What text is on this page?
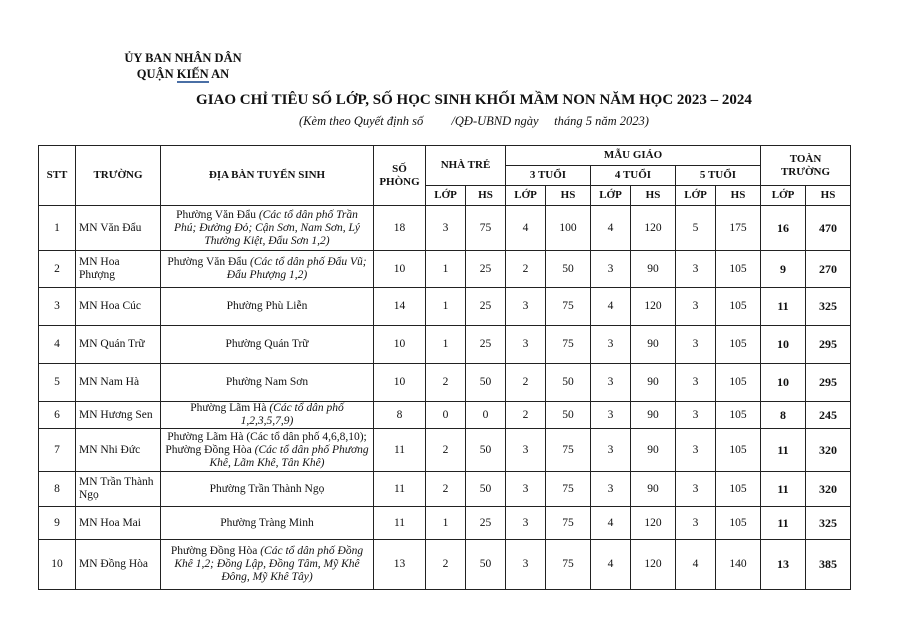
ỦY BAN NHÂN DÂN
QUẬN KIẾN AN
GIAO CHỈ TIÊU SỐ LỚP, SỐ HỌC SINH KHỐI MẦM NON NĂM HỌC 2023 – 2024
(Kèm theo Quyết định số         /QĐ-UBND ngày     tháng 5 năm 2023)
STT	TRƯỜNG	ĐỊA BÀN TUYỂN SINH	SỐ PHÒNG	NHÀ TRẺ		MẪU GIÁO						TOÀN TRƯỜNG	
						3 TUỔI		4 TUỔI		5 TUỔI			
				LỚP	HS	LỚP	HS	LỚP	HS	LỚP	HS	LỚP	HS
1	MN Văn Đẩu	Phường Văn Đẩu (Các tổ dân phố Trần Phú; Đường Đỏ; Cận Sơn, Nam Sơn, Lý Thường Kiệt, Đẩu Sơn 1,2)	18	3	75	4	100	4	120	5	175	16	470
2	MN Hoa Phượng	Phường Văn Đẩu (Các tổ dân phố Đẩu Vũ; Đẩu Phượng 1,2)	10	1	25	2	50	3	90	3	105	9	270
3	MN Hoa Cúc	Phường Phù Liễn	14	1	25	3	75	4	120	3	105	11	325
4	MN Quán Trữ	Phường Quán Trữ	10	1	25	3	75	3	90	3	105	10	295
5	MN Nam Hà	Phường Nam Sơn	10	2	50	2	50	3	90	3	105	10	295
6	MN Hương Sen	Phường Lãm Hà (Các tổ dân phố 1,2,3,5,7,9)	8	0	0	2	50	3	90	3	105	8	245
7	MN Nhi Đức	Phường Lãm Hà (Các tổ dân phố 4,6,8,10); Phường Đồng Hòa (Các tổ dân phố Phương Khê, Lãm Khê, Tân Khê)	11	2	50	3	75	3	90	3	105	11	320
8	MN Trần Thành Ngọ	Phường Trần Thành Ngọ	11	2	50	3	75	3	90	3	105	11	320
9	MN Hoa Mai	Phường Tràng Minh	11	1	25	3	75	4	120	3	105	11	325
10	MN Đồng Hòa	Phường Đồng Hòa (Các tổ dân phố Đồng Khê 1,2; Đồng Lập, Đồng Tâm, Mỹ Khê Đông, Mỹ Khê Tây)	13	2	50	3	75	4	120	4	140	13	385
